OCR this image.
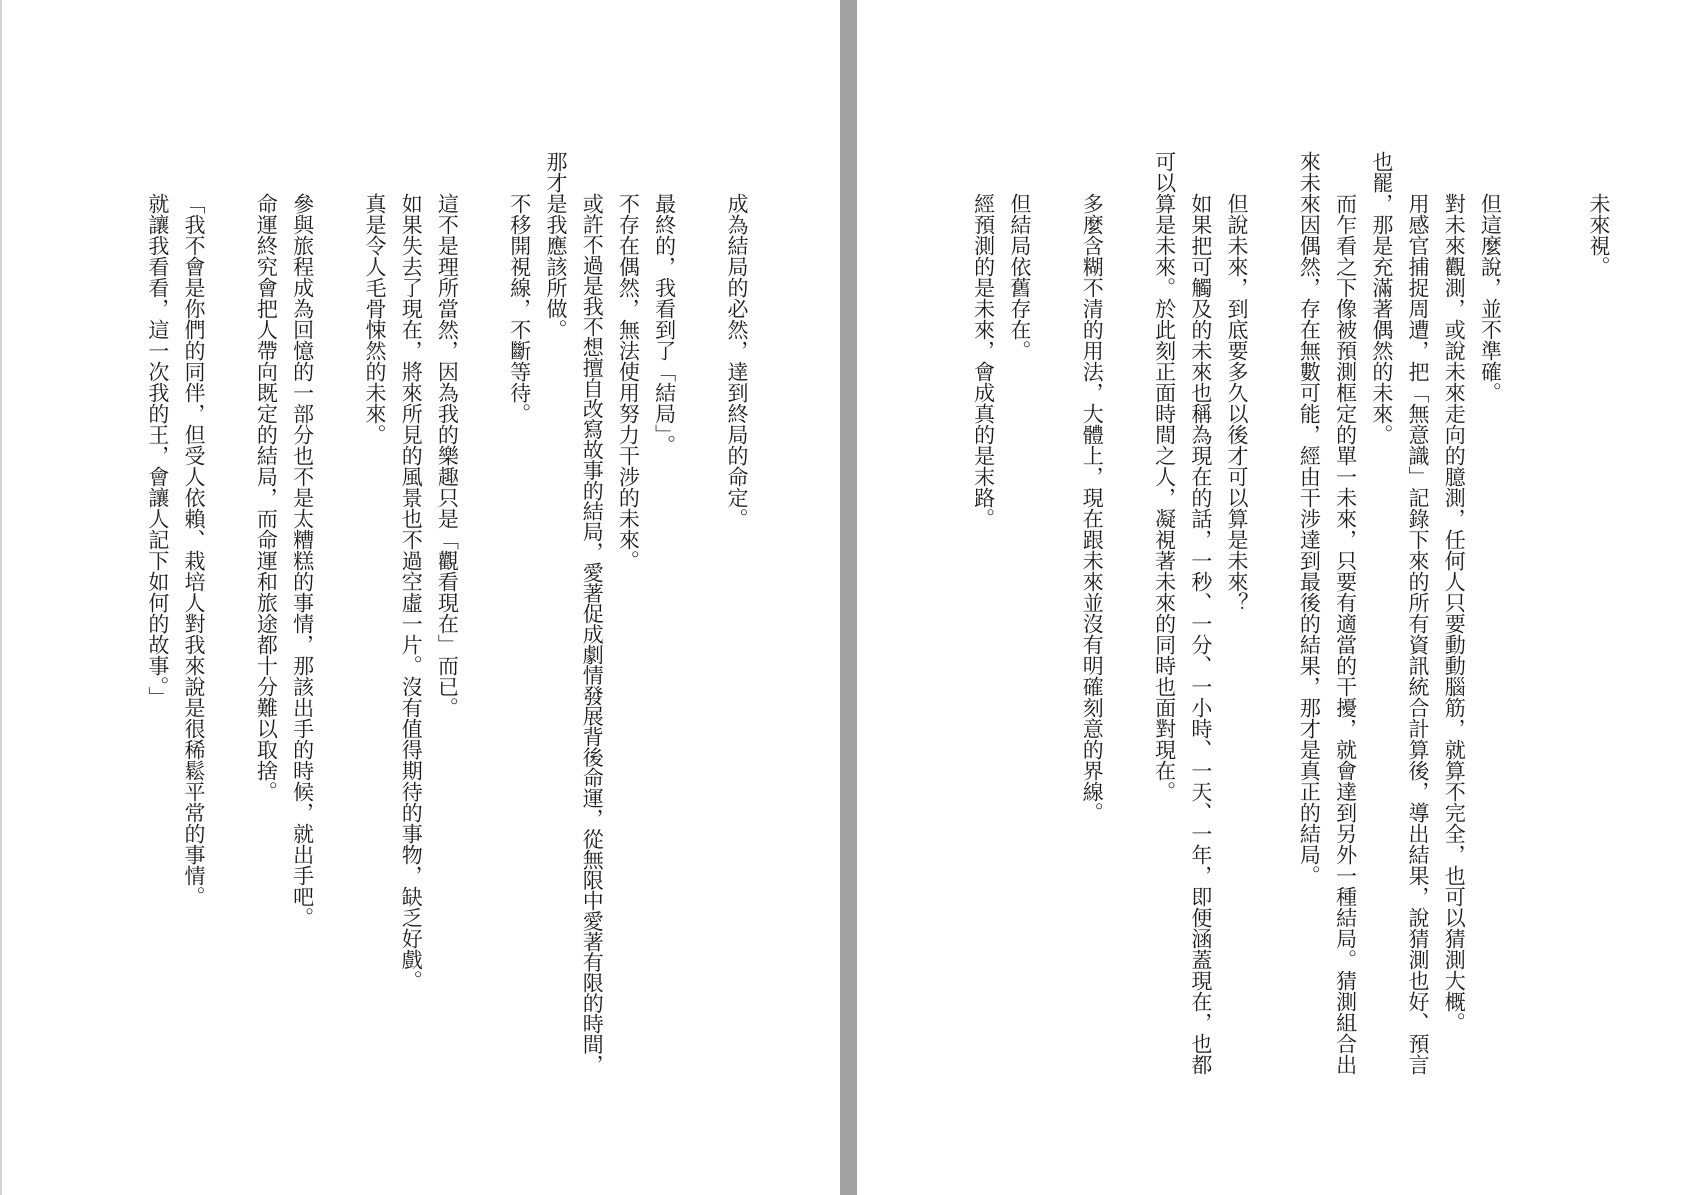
成為結局的必然，達到終局的命定。
最終的，我看到了「結局」。
不存在偶然，無法使用努力干涉的未來。
或許不過是我不想擅自改寫故事的結局，愛著促成劇情發展背後命運，從無限中愛著有限的時間，
那才是我應該所做。
不移開視線，不斷等待。
這不是理所當然，因為我的樂趣只是「觀看現在」而已。
如果失去了現在，將來所見的風景也不過空虛一片。沒有值得期待的事物，缺乏好戲。
真是令人毛骨悚然的未來。
參與旅程成為回憶的一部分也不是太糟糕的事情，那該出手的時候，就出手吧。
命運終究會把人帶向既定的結局，而命運和旅途都十分難以取捨。
「我不會是你們的同伴，但受人依賴、栽培人對我來說是很稀鬆平常的事情。
就讓我看看，這一次我的王，會讓人記下如何的故事。」	未來視。
但這麼說，並不準確。
對未來觀測，或說未來走向的臆測，任何人只要動動腦筋，就算不完全，也可以猜測大概。
用感官捕捉周遭，把「無意識」記錄下來的所有資訊統合計算後，導出結果，說猜測也好、預言
也罷，那是充滿著偶然的未來。
而乍看之下像被預測框定的單一未來，只要有適當的干擾，就會達到另外一種結局。猜測組合出
來未來因偶然，存在無數可能，經由干涉達到最後的結果，那才是真正的結局。
但說未來，到底要多久以後才可以算是未來？
如果把可觸及的未來也稱為現在的話，一秒、一分、一小時、一天、一年，即便涵蓋現在，也都
可以算是未來。於此刻正面時間之人，凝視著未來的同時也面對現在。
多麼含糊不清的用法，大體上，現在跟未來並沒有明確刻意的界線。
但結局依舊存在。
經預測的是未來，會成真的是末路。
